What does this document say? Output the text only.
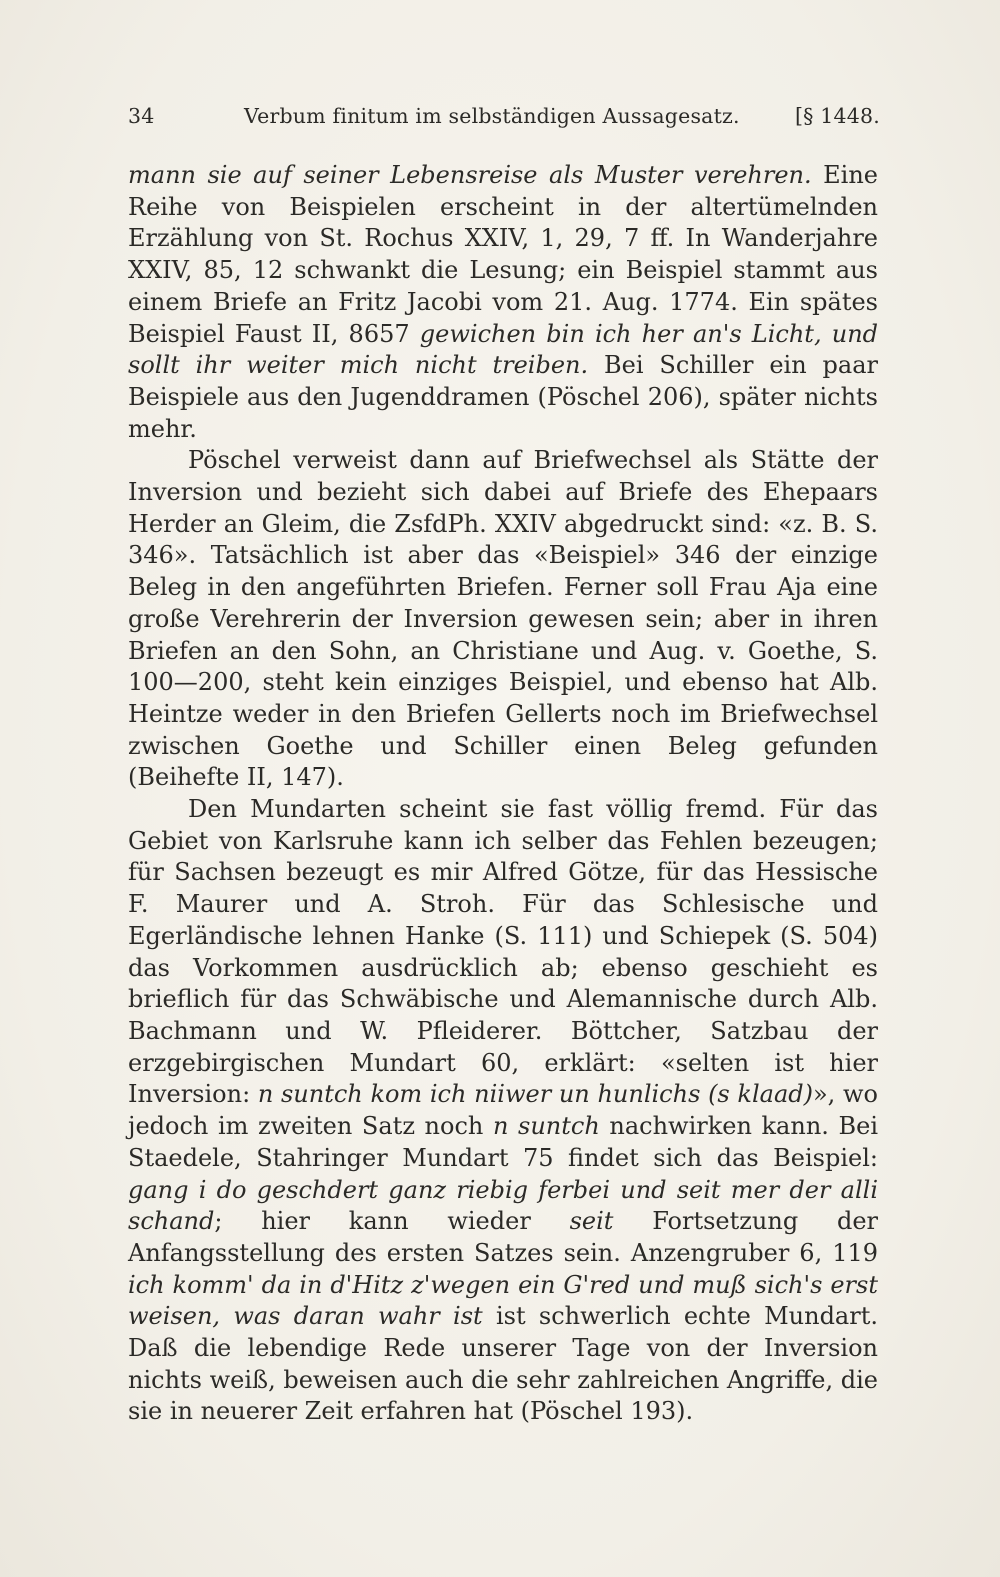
34	Verbum finitum im selbständigen Aussagesatz.	[§ 1448.

mann sie auf seiner Lebensreise als Muster verehren. Eine Reihe von Beispielen erscheint in der altertümelnden Erzählung von St. Rochus XXIV, 1, 29, 7 ff. In Wanderjahre XXIV, 85, 12 schwankt die Lesung; ein Beispiel stammt aus einem Briefe an Fritz Jacobi vom 21. Aug. 1774. Ein spätes Beispiel Faust II, 8657 gewichen bin ich her an's Licht, und sollt ihr weiter mich nicht treiben. Bei Schiller ein paar Beispiele aus den Jugenddramen (Pöschel 206), später nichts mehr.

Pöschel verweist dann auf Briefwechsel als Stätte der Inversion und bezieht sich dabei auf Briefe des Ehepaars Herder an Gleim, die ZsfdPh. XXIV abgedruckt sind: «z. B. S. 346». Tatsächlich ist aber das «Beispiel» 346 der einzige Beleg in den angeführten Briefen. Ferner soll Frau Aja eine große Verehrerin der Inversion gewesen sein; aber in ihren Briefen an den Sohn, an Christiane und Aug. v. Goethe, S. 100—200, steht kein einziges Beispiel, und ebenso hat Alb. Heintze weder in den Briefen Gellerts noch im Briefwechsel zwischen Goethe und Schiller einen Beleg gefunden (Beihefte II, 147).

Den Mundarten scheint sie fast völlig fremd. Für das Gebiet von Karlsruhe kann ich selber das Fehlen bezeugen; für Sachsen bezeugt es mir Alfred Götze, für das Hessische F. Maurer und A. Stroh. Für das Schlesische und Egerländische lehnen Hanke (S. 111) und Schiepek (S. 504) das Vorkommen ausdrücklich ab; ebenso geschieht es brieflich für das Schwäbische und Alemannische durch Alb. Bachmann und W. Pfleiderer. Böttcher, Satzbau der erzgebirgischen Mundart 60, erklärt: «selten ist hier Inversion: n suntch kom ich niiwer un hunlichs (s klaad)», wo jedoch im zweiten Satz noch n suntch nachwirken kann. Bei Staedele, Stahringer Mundart 75 findet sich das Beispiel: gang i do geschdert ganz riebig ferbei und seit mer der alli schand; hier kann wieder seit Fortsetzung der Anfangsstellung des ersten Satzes sein. Anzengruber 6, 119 ich komm' da in d'Hitz z'wegen ein G'red und muß sich's erst weisen, was daran wahr ist ist schwerlich echte Mundart. Daß die lebendige Rede unserer Tage von der Inversion nichts weiß, beweisen auch die sehr zahlreichen Angriffe, die sie in neuerer Zeit erfahren hat (Pöschel 193).
